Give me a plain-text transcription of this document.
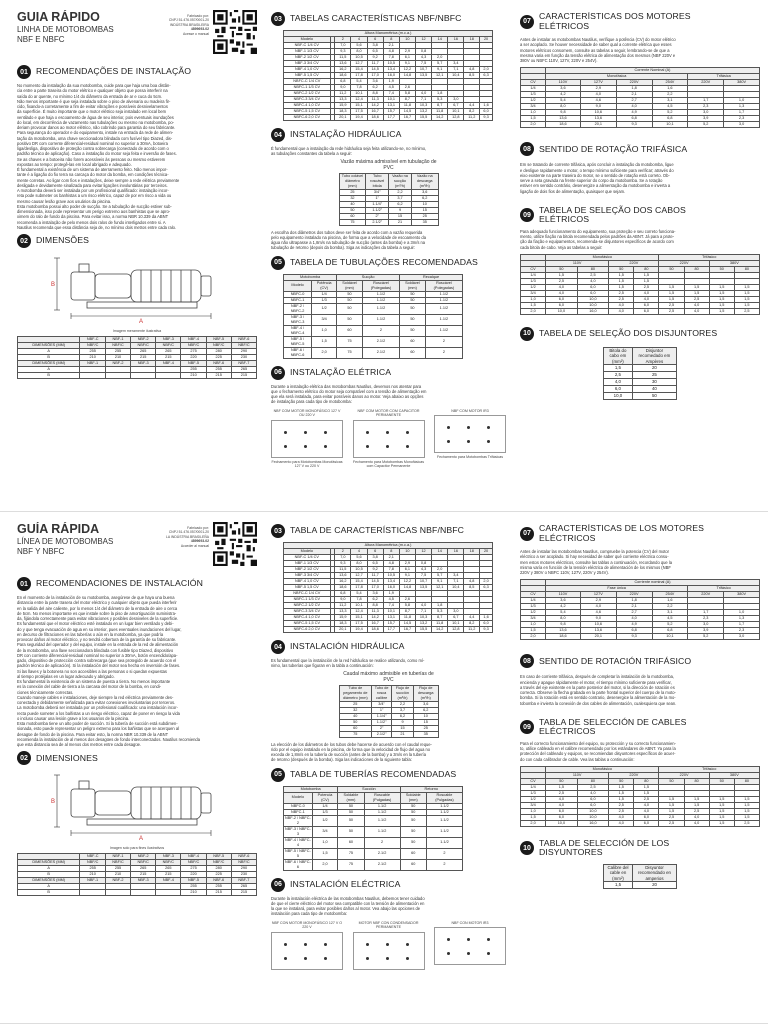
GUIA RÁPIDO
LINHA DE MOTOBOMBAS
NBF E NBFC
Fabricado por:
CNPJ 51.476.057/0001-20
INDÚSTRIA BRASILEIRA
4899693-02
Acesse o manual
01 RECOMENDAÇÕES DE INSTALAÇÃO
No momento da instalação da sua motobomba, cuide para que haja uma boa distân-
cia entre a parte traseira do motor elétrico e qualquer objeto que possa interferir na
saída do ar quente, no mínimo 1/4 do diâmetro da entrada de ar e cuca do 5cm.
Não menos importante é que seja instalada sobre o piso de alvenaria ou madeira fir-
cido, fixando-a corretamente a fim de evitar vibrações e possíveis desnivelamentos
da superfície. É muito importante que o motor elétrico seja instalado em local bem
ventilado e que haja o escoamento de água de seu interior, pois eventuais inundações
do local, em decorrência de vazamento nas tubulações ou mesmo na motobomba, po-
deriam provocar danos ao motor elétrico, não cobrindo para garantia do seu fabricante.
Para segurança do operador e do equipamento, instale na entrada da rede de alimen-
tação da motobomba, uma chave seccionadora blindada com fusível tipo Diazed, dis-
positivo DR com corrente diferencial-residual nominal no superior a 30mA, botoeira
liga/desliga, dispositivo de proteção contra sobrecarga (conectado de acordo com o
padrão técnico de aplicação). Caso a instalação do motor seja feita e inversão de fases.
Se as chaves e a botoeira não forem acessíveis às pessoas ou mesmo estiverem
expostas ao tempo: protegê-las em local abrigado e adequado.
É fundamental a existência de um sistema de aterramento feito. Não menos impor-
tante é a ligação do fio terra na carcaça do motor da bomba, em condições técnica-
mente corretas. Ao ligar com fios e instalações, deixe sempre a rede elétrica previamente
desligada e devidamente sinalizada para evitar ligações involuntárias por terceiros.
A motobomba deverá ser instalada por um profissional qualificado: instalação incor-
reta pode submeter os banhistas a um risco elétrico, capaz de por em risco a vida ou
mesmo causar lesão grave aos usuários da piscina.
Esta motobomba possui alto poder de sucção. Se a tubulação de sucção estiver sub-
dimensionada, isso pode representar um perigo extremo aos banhistas que se apro-
ximem do ralo de fundo da piscina. Para evitar isso, a norma NBR 10.339 da ABNT
recomenda a instalação de pelo menos dois ralos de fundo interligados entre si. A
Nautilus recomenda que essa distância seja de, no mínimo dois metros entre cada ralo.
02 DIMENSÕES
B
A
Imagem meramente ilustrativa
	NBF-C	NBF-1	NBF-2	NBF-3	NBF-4	NBF-5	NBF-6
DIMENSÕES (MM)	NBF/C	NBF/C	NBF/C	NBF/C	NBF/C	NBF/C	NBF/C
A	255	255	265	265	275	280	290
B	210	210	215	215	220	225	230
DIMENSÕES (MM)	NBF-1	NBF-2	NBF-3	NBF-4	NBF-5	NBF-6	NBF-7
A					255	255	265
B					210	215	215
03 TABELAS CARACTERÍSTICAS NBF/NBFC
Altura Manométrica (m.c.a.)											
Modelo		2	4	6	8	10	12	14	16	18	20
NBF-C 1/4 CV		7,0	5,6	3,8	2,1						
NBF-1 1/3 CV		9,3	8,0	6,5	4,8	2,9	0,8				
NBF-2 1/2 CV		11,5	10,5	9,2	7,8	6,1	4,3	2,0			
NBF-3 3/4 CV		13,6	12,7	11,7	10,5	9,1	7,5	5,7	3,4		
NBF-4 1,0 CV		16,2	15,4	14,5	13,4	12,2	10,7	9,1	7,1	4,8	2,0
NBF-5 1,5 CV		18,6	17,8	17,0	16,0	14,8	13,5	12,1	10,4	8,5	6,3
NBFC-C 1/4 CV		6,8	5,4	3,6	1,9						
NBFC-1 1/3 CV		9,0	7,8	6,2	4,5	2,6					
NBFC-2 1/2 CV		11,2	10,1	8,8	7,4	5,8	4,0	1,8			
NBFC-3 3/4 CV		13,3	12,4	11,3	10,1	8,7	7,1	5,3	3,0		
NBFC-4 1,0 CV		15,9	15,1	14,2	13,1	11,8	10,3	8,7	6,7	4,4	1,6
NBFC-5 1,5 CV		18,3	17,5	16,7	15,7	14,5	13,2	11,8	10,1	8,2	6,0
NBFC-6 2,0 CV		20,1	19,4	18,6	17,7	16,7	15,5	14,2	12,8	11,2	9,3
04 INSTALAÇÃO HIDRÁULICA
É fundamental que a instalação da rede hidráulica seja feita utilizando-se, no mínimo,
as tubulações constantes da tabela a seguir:
Vazão máxima admissível em tubulação de PVC
Tubo colável diâmetro (mm)	Tubo roscável bitola	Vazão na sucção (m³/h)	Vazão na descarga (m³/h)
25	3/4"	2,2	3,6
32	1"	3,7	6,2
40	1.1/4"	6,2	10
50	1.1/2"	9	15
60	2"	15	25
75	2.1/2"	21	35
A escolha dos diâmetros dos tubos deve ser feita de acordo com a vazão requerida
pelo equipamento instalado na piscina, de forma que a velocidade de escoamento da
água não ultrapasse a 1,8m/s na tubulação de sucção (antes da bomba) e a 3m/s na
tubulação de retorno (depois da bomba). Siga as indicações da tabela a seguir:
05 TABELA DE TUBULAÇÕES RECOMENDADAS
Motobomba		Sucção		Recalque	
Modelo	Potência (CV)	Soldável (mm)	Roscável (Polegadas)	Soldável (mm)	Roscável (Polegadas)
NBFC-0	1/4	50	1.1/2	50	1.1/2
NBFC-1	1/3	50	1.1/2	50	1.1/2
NBF-2 / NBFC-2	1/2	50	1.1/2	50	1.1/2
NBF-3 / NBFC-3	3/4	50	1.1/2	50	1.1/2
NBF-4 / NBFC-4	1,0	60	2	50	1.1/2
NBF-5 / NBFC-5	1,5	75	2.1/2	60	2
NBF-6 / NBFC-6	2,0	75	2.1/2	60	2
06 INSTALAÇÃO ELÉTRICA
Durante a instalação elétrica das motobombas Nautilus, devemos nos atentar para
que o fechamento elétrico do motor seja compatível com a tensão de alimentação em
que ela será instalada, para evitar possíveis danos ao motor. Veja abaixo as opções
de instalação para cada tipo de motobomba:
NBF COM MOTOR MONOFÁSICO 127 V OU 220 V
Fechamento para Motobombas Monofásicas 127 V ou 220 V
NBF COM MOTOR COM CAPACITOR PERMANENTE
Fechamento para Motobombas Monofásicas com Capacitor Permanente
NBF COM MOTOR IR3
Fechamento para Motobombas Trifásicas
07
CARACTERÍSTICAS DOS MOTORES ELÉTRICOS
Antes de instalar as motobombas Nautilus, verifique a potência (CV) do motor elétrico
a ser acoplado. Se houver necessidade de saber qual a corrente elétrica que esses
motores elétricos consomem, consulte as tabelas a seguir, lembrando-se de que a
mesma varia em função da tensão elétrica de alimentação dos mesmos (NBF 220V e
380V ou NBFC 110V, 127V, 220V e 254V).
	Corrente Nominal (A)					
	Monofásica				Trifásica	
CV	110V	127V	220V	254V	220V	380V
1/4	3,6	2,9	1,8	1,6		
1/3	4,2	4,0	2,1	2,2		
1/2	5,4	4,6	2,7	3,1	1,7	1,0
3/4	8,0	9,0	4,0	4,5	2,3	1,3
1,0	9,8	10,6	4,9	5,2	3,0	1,7
1,5	13,6	13,6	6,8	6,8	3,9	2,3
2,0	18,6	20,1	9,3	10,1	5,2	3,0
08 SENTIDO DE ROTAÇÃO TRIFÁSICA
Em se tratando de corrente trifásica, após concluir a instalação da motobomba, ligue
e desligue rapidamente o motor, o tempo mínimo suficiente para verificar; através do
eixo existente na parte traseira do motor, se o sentido de rotação está correto. Ob-
serve a seta gravada na frente superior do corpo da motobomba. Se a rotação
estiver em sentido contrário, desenergize a alimentação da motobomba e inverta a
ligação de dois fios de alimentação, quaisquer que sejam.
09
TABELA DE SELEÇÃO DOS CABOS ELÉTRICOS
Para adequado funcionamento do equipamento, sua proteção e seu correto funciona-
mento, utilize fiação na bitola recomendada pelos padrões da ABNT. Já para a prote-
ção da fiação e equipamentos, recomenda-se disjuntores específicos de acordo com
cada bitola de cabo. Veja as tabelas a seguir:
	Monofásico				Trifásico			
	110V		220V		220V		380V	
CV	50	80	50	80	50	80	50	80
1/4	1,5	2,5	1,5	1,5				
1/3	2,5	4,0	1,5	1,5				
1/2	4,0	6,0	1,5	2,5	1,5	1,5	1,5	1,5
3/4	4,0	6,0	2,5	4,0	1,5	1,5	1,5	1,5
1,0	6,0	10,0	2,5	4,0	1,5	2,5	1,5	1,5
1,5	6,0	10,0	4,0	6,0	2,5	4,0	1,5	1,5
2,0	10,0	16,0	4,0	6,0	2,5	4,0	1,5	2,5
10 TABELA DE SELEÇÃO DOS DISJUNTORES
Bitola do cabo em (mm²)	Disjuntor recomedado em Ampères
1,5	20
2,5	25
4,0	30
6,0	40
10,0	50
GUÍA RÁPIDA
LÍNEA DE MOTOBOMBAS
NBF Y NBFC
Fabricado por:
CNPJ 51.476.057/0001-20
LA INDÚSTRIA BRASILEÑA
4899693-02
Acceder al manual
01 RECOMENDACIONES DE INSTALACIÓN
En el momento de la instalación de su motobomba, asegúrese de que haya una buena
distancia entre la parte trasera del motor eléctrico y cualquier objeto que pueda interferir
en la salida del aire caliente, por lo menos 1/4 del diámetro de la entrada de aire o cerca
de 5cm. No menos importante es que instale sobre la piso de amortiguación suministra-
da, fijándola correctamente para evitar vibraciones y posibles desniveles de la superficie.
Es fundamental que el motor eléctrico esté instalado en un lugar bien ventilado y debi-
do y que tenga evacuación de agua en su interior, pues eventuales inundaciones del lugar,
en decurso de filtraciones en las tuberías o aún en la motobomba, ya que podría
provocar daños al motor eléctrico, y no tendrá cobertura de la garantía de su fabricante.
Para seguridad del operador y del equipo, instale en la entrada de la red de alimentación
de la motobomba, una llave seccionadora blindada con fusible tipo Diazed, dispositivo
DR con corriente diferencial-residual nominal no superior a 30mA, botón encendido/apa-
gado, dispositivo de protección contra sobrecarga (que sea protegido de acuerdo con el
padrón técnico de aplicación). Si la instalación del motor sea hecha en inversión de fases.
Si las llaves y la botonera no son accesibles a las personas o si quedan expuestas
al tiempo protéjalas en un lugar adecuado y abrigado.
Es fundamental la existencia de un sistema de puesta a tierra. No menos importante
es la conexión del cable de tierra a la carcasa del motor de la bomba, en condi-
ciones técnicamente correctas.
Cuando maneje cables e instalaciones, deje siempre la red eléctrica previamente des-
conectada y debidamente señalizada para evitar conexiones involuntarias por terceros.
La motobomba deberá ser instalada por un profesional cualificado: una instalación incor-
recta puede someter a los bañistas a un riesgo eléctrico, capaz de poner en riesgo la vida
o incluso causar una lesión grave a los usuarios de la piscina.
Esta motobomba tiene un alto poder de succión. Si la tubería de succión está subdimen-
sionada, esto puede representar un peligro extremo para los bañistas que se acerquen al
desagüe de fondo de la piscina. Para evitar esto, la norma NBR 10.339 de la ABNT
recomienda la instalación de al menos dos desagües de fondo interconectados. Nautilus recomienda
que esta distancia sea de al menos dos metros entre cada desagüe.
02 DIMENSIONES
B
A
Imagen solo para fines ilustrativos
	NBF-C	NBF-1	NBF-2	NBF-3	NBF-4	NBF-5	NBF-6
DIMENSÕES (MM)	NBF/C	NBF/C	NBF/C	NBF/C	NBF/C	NBF/C	NBF/C
A	255	255	265	265	275	280	290
B	210	210	215	215	220	225	230
DIMENSÕES (MM)	NBF-1	NBF-2	NBF-3	NBF-4	NBF-5	NBF-6	NBF-7
A					255	255	265
B					210	215	215
03 TABLA DE CARACTERÍSTICAS NBF/NBFC
Altura Manométrica (m.c.a.)											
Modelo		2	4	6	8	10	12	14	16	18	20
NBF-C 1/4 CV		7,0	5,6	3,8	2,1						
NBF-1 1/3 CV		9,3	8,0	6,5	4,8	2,9	0,8				
NBF-2 1/2 CV		11,5	10,5	9,2	7,8	6,1	4,3	2,0			
NBF-3 3/4 CV		13,6	12,7	11,7	10,5	9,1	7,5	5,7	3,4		
NBF-4 1,0 CV		16,2	15,4	14,5	13,4	12,2	10,7	9,1	7,1	4,8	2,0
NBF-5 1,5 CV		18,6	17,8	17,0	16,0	14,8	13,5	12,1	10,4	8,5	6,3
NBFC-C 1/4 CV		6,8	5,4	3,6	1,9						
NBFC-1 1/3 CV		9,0	7,8	6,2	4,5	2,6					
NBFC-2 1/2 CV		11,2	10,1	8,8	7,4	5,8	4,0	1,8			
NBFC-3 3/4 CV		13,3	12,4	11,3	10,1	8,7	7,1	5,3	3,0		
NBFC-4 1,0 CV		15,9	15,1	14,2	13,1	11,8	10,3	8,7	6,7	4,4	1,6
NBFC-5 1,5 CV		18,3	17,5	16,7	15,7	14,5	13,2	11,8	10,1	8,2	6,0
NBFC-6 2,0 CV		20,1	19,4	18,6	17,7	16,7	15,5	14,2	12,8	11,2	9,3
04 INSTALACIÓN HIDRÁULICA
Es fundamental que la instalación de la red hidráulica se realice utilizando, como mí-
nimo, las tuberías que figuran en la tabla a continuación:
Caudal máximo admisible en tuberías de PVC
Tubo de pegamento de diámetro (mm)	Tubo de rosca calibre	Flujo de succión (m³/h)	Flujo de descarga (m³/h)
25	3/4"	2,2	3,6
32	1"	3,7	6,2
40	1.1/4"	6,2	10
50	1.1/2"	9	15
60	2"	15	25
75	2.1/2"	21	35
La elección de los diámetros de los tubos debe hacerse de acuerdo con el caudal reque-
rido por el equipo instalado en la piscina, de forma que la velocidad de flujo del agua no
exceda de 1,8m/s en la tubería de succión (antes de la bomba) y a 3m/s en la tubería
de retorno (después de la bomba). Siga las indicaciones de la siguiente tabla:
05 TABLA DE TUBERÍAS RECOMENDADAS
Motobomba		Succión		Retorno	
Modelo	Potencia (CV)	Soldable (mm)	Roscable (Pulgadas)	Soldable (mm)	Roscable (Pulgadas)
NBFC-0	1/4	50	1.1/2	50	1.1/2
NBFC-1	1/3	50	1.1/2	50	1.1/2
NBF-2 / NBFC-2	1/2	50	1.1/2	50	1.1/2
NBF-3 / NBFC-3	3/4	50	1.1/2	50	1.1/2
NBF-4 / NBFC-4	1,0	60	2	50	1.1/2
NBF-5 / NBFC-5	1,5	75	2.1/2	60	2
NBF-6 / NBFC-6	2,0	75	2.1/2	60	2
06 INSTALACIÓN ELÉCTRICA
Durante la instalación eléctrica de las motobombas Nautilus, debemos tener cuidado
de que el cierre eléctrico del motor sea compatible con la tensión de alimentación en
la que se instalará, para evitar posibles daños al motor. Vea abajo las opciones de
instalación para cada tipo de motobomba:
NBF CON MOTOR MONOFÁSICO 127 V O 220 V
MOTOR NBF CON CONDENSADOR PERMANENTE
NBF CON MOTOR IR3
07
CARACTERÍSTICAS DE LOS MOTORES ELÉCTRICOS
Antes de instalar las motobombas Nautilus, compruebe la potencia (CV) del motor
eléctrico a ser acoplado. Si hay necesidad de saber qué corriente eléctrica consu-
men estos motores eléctricos, consulte las tablas a continuación, recordando que la
misma varía en función de la tensión eléctrica de alimentación de los mismos (NBF
220V y 380V o NBFC 110V, 127V, 220V y 254V).
	Corriente nominal (A)					
	Fase única				Trifásico	
CV	110V	127V	220V	254V	220V	380V
1/4	3,6	2,9	1,8	1,6		
1/3	4,2	4,0	2,1	2,2		
1/2	5,4	4,6	2,7	3,1	1,7	1,0
3/4	8,0	9,0	4,0	4,5	2,3	1,3
1,0	9,8	10,6	4,9	5,2	3,0	1,7
1,5	13,6	13,6	6,8	6,8	3,9	2,3
2,0	18,6	20,1	9,3	10,1	5,2	3,0
08 SENTIDO DE ROTACIÓN TRIFÁSICO
En caso de corriente trifásica, después de completar la instalación de la motobomba,
encienda y apague rápidamente el motor, el tiempo mínimo suficiente para verificar,
a través del eje existente en la parte posterior del motor, si la dirección de rotación es
correcta. Observe la flecha grabada en la parte frontal superior del cuerpo de la moto-
bomba. Si la rotación está en sentido contrario, desenergice la alimentación de la mo-
tobomba e invierta la conexión de dos cables de alimentación, cualesquiera que sean.
09
TABLA DE SELECCIÓN DE CABLES ELÉCTRICOS
Para el correcto funcionamiento del equipo, su protección y su correcto funcionamien-
to, utilice cableado en el calibre recomendado por los estándares de ABNT. Ya para la
protección del cableado y equipos, se recomiendan disyuntores específicos de acuer-
do con cada calibrador de cable. Vea las tablas a continuación:
	Monofásico				Trifásico			
	110V		220V		220V		380V	
CV	50	80	50	80	50	80	50	80
1/4	1,5	2,5	1,5	1,5				
1/3	2,5	4,0	1,5	1,5				
1/2	4,0	6,0	1,5	2,5	1,5	1,5	1,5	1,5
3/4	4,0	6,0	2,5	4,0	1,5	1,5	1,5	1,5
1,0	6,0	10,0	2,5	4,0	1,5	2,5	1,5	1,5
1,5	6,0	10,0	4,0	6,0	2,5	4,0	1,5	1,5
2,0	10,0	16,0	4,0	6,0	2,5	4,0	1,5	2,5
10
TABLA DE SELECCIÓN DE LOS DISYUNTORES
Calibre del cable en (mm²)	Disyuntor recomendado en amperios
1,5	20
